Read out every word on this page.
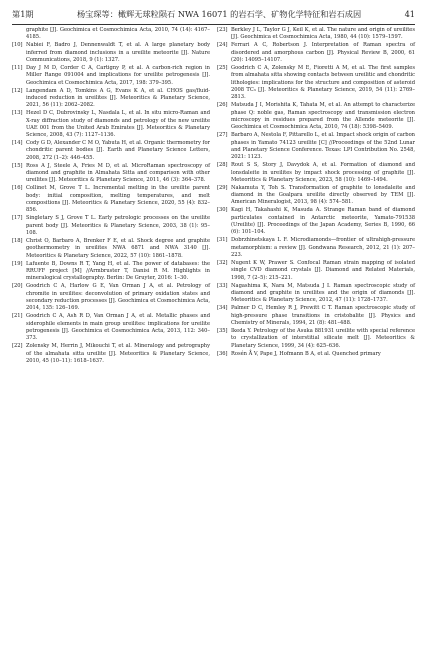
第1期	杨宝琛等：橄辉无球粒陨石 NWA 16071 的岩石学、矿物化学特征和岩石成因	41
graphite [J]. Geochimica et Cosmochimica Acta, 2010, 74 (14): 4167–4185.
[10] Nabiei F, Badro J, Dennenwaldt T, et al. A large planetary body inferred from diamond inclusions in a ureilite meteorite [J]. Nature Communications, 2018, 9 (1): 1327.
[11] Day J M D, Corder C A, Cartigny P, et al. A carbon-rich region in Miller Range 091004 and implications for ureilite petrogenesis [J]. Geochimica et Cosmochimica Acta, 2017, 198: 379–395.
[12] Langendam A D, Tomkins A G, Evans K A, et al. CHOS gas/fluid-induced reduction in ureilites [J]. Meteoritics & Planetary Science, 2021, 56 (11): 2062–2082.
[13] Hezel D C, Dubrovinsky L, Nasdala L, et al. In situ micro-Raman and X-ray diffraction study of diamonds and petrology of the new ureilite UAE 001 from the United Arab Emirates [J]. Meteoritics & Planetary Science, 2008, 43 (7): 1127–1136.
[14] Cody G D, Alexander C M O, Yabuta H, et al. Organic thermometry for chondritic parent bodies [J]. Earth and Planetary Science Letters, 2008, 272 (1–2): 446–455.
[15] Ross A J, Steele A, Fries M D, et al. MicroRaman spectroscopy of diamond and graphite in Almahata Sitta and comparison with other ureilites [J]. Meteoritics & Planetary Science, 2011, 46 (3): 364–378.
[16] Collinet M, Grove T L. Incremental melting in the ureilite parent body: initial composition, melting temperatures, and melt compositions [J]. Meteoritics & Planetary Science, 2020, 55 (4): 832–856.
[17] Singletary S J, Grove T L. Early petrologic processes on the ureilite parent body [J]. Meteoritics & Planetary Science, 2003, 38 (1): 95–108.
[18] Christ O, Barbaro A, Brenker F E, et al. Shock degree and graphite geothermometry in ureilites NWA 6871 and NWA 3140 [J]. Meteoritics & Planetary Science, 2022, 57 (10): 1861–1878.
[19] Lafuente B, Downs R T, Yang H, et al. The power of databases: the RRUFF project [M] //Armbruster T, Danisi R M. Highlights in mineralogical crystallography. Berlin: De Gruyter, 2016: 1–30.
[20] Goodrich C A, Harlow G E, Van Orman J A, et al. Petrology of chromite in ureilites: deconvolution of primary oxidation states and secondary reduction processes [J]. Geochimica et Cosmochimica Acta, 2014, 135: 126–169.
[21] Goodrich C A, Ash R D, Van Orman J A, et al. Metallic phases and siderophile elements in main group ureilites: implications for ureilite petrogenesis [J]. Geochimica et Cosmochimica Acta, 2013, 112: 340–373.
[22] Zolensky M, Herrin J, Mikouchi T, et al. Mineralogy and petrography of the almahata sitta ureilite [J]. Meteoritics & Planetary Science, 2010, 45 (10–11): 1618–1637.
[23] Berkley J L, Taylor G J, Keil K, et al. The nature and origin of ureilites [J]. Geochimica et Cosmochimica Acta, 1980, 44 (10): 1579–1597.
[24] Ferrari A C, Robertson J. Interpretation of Raman spectra of disordered and amorphous carbon [J]. Physical Review B, 2000, 61 (20): 14095–14107.
[25] Goodrich C A, Zolensky M E, Fioretti A M, et al. The first samples from almahata sitta showing contacts between ureilitic and chondritic lithologies: implications for the structure and composition of asteroid 2008 TC₃ [J]. Meteoritics & Planetary Science, 2019, 54 (11): 2769–2813.
[26] Matsuda J I, Morishita K, Tahata M, et al. An attempt to characterize phase Q: noble gas, Raman spectroscopy and transmission electron microscopy in residues prepared from the Allende meteorite [J]. Geochimica et Cosmochimica Acta, 2010, 74 (18): 5398–5409.
[27] Barbaro A, Nestola F, Pittarello L, et al. Impact shock origin of carbon phases in Yamato 74123 ureilite [C] //Proceedings of the 52nd Lunar and Planetary Science Conference. Texas: LPI Contribution No. 2548, 2021: 1123.
[28] Rout S S, Story J, Davydok A, et al. Formation of diamond and lonsdaleite in ureilites by impact shock processing of graphite [J]. Meteoritics & Planetary Science, 2023, 58 (10): 1469–1494.
[29] Nakamuta Y, Toh S. Transformation of graphite to lonsdaleite and diamond in the Goalpara ureilite directly observed by TEM [J]. American Mineralogist, 2013, 98 (4): 574–581.
[30] Kagi H, Takahashi K, Masuda A. Strange Raman band of diamond particulates contained in Antarctic meteorite, Yamato-791538 (Ureilite) [J]. Proceedings of the Japan Academy, Series B, 1990, 66 (6): 101–104.
[31] Dobrzhinetskaya L F. Microdiamonds—frontier of ultrahigh-pressure metamorphism: a review [J]. Gondwana Research, 2012, 21 (1): 207–223.
[32] Nugent K W, Prawer S. Confocal Raman strain mapping of isolated single CVD diamond crystals [J]. Diamond and Related Materials, 1998, 7 (2–5): 215–221.
[33] Nagashima K, Nara M, Matsuda J I. Raman spectroscopic study of diamond and graphite in ureilites and the origin of diamonds [J]. Meteoritics & Planetary Science, 2012, 47 (11): 1728–1737.
[34] Palmer D C, Hemley R J, Prewitt C T. Raman spectroscopic study of high-pressure phase transitions in cristobalite [J]. Physics and Chemistry of Minerals, 1994, 21 (8): 481–488.
[35] Ikeda Y. Petrology of the Asuka 881931 ureilite with special reference to crystallization of interstitial silicate melt [J]. Meteoritics & Planetary Science, 1999, 34 (4): 625–636.
[36] Rosén Å V, Pape J, Hofmann B A, et al. Quenched primary
